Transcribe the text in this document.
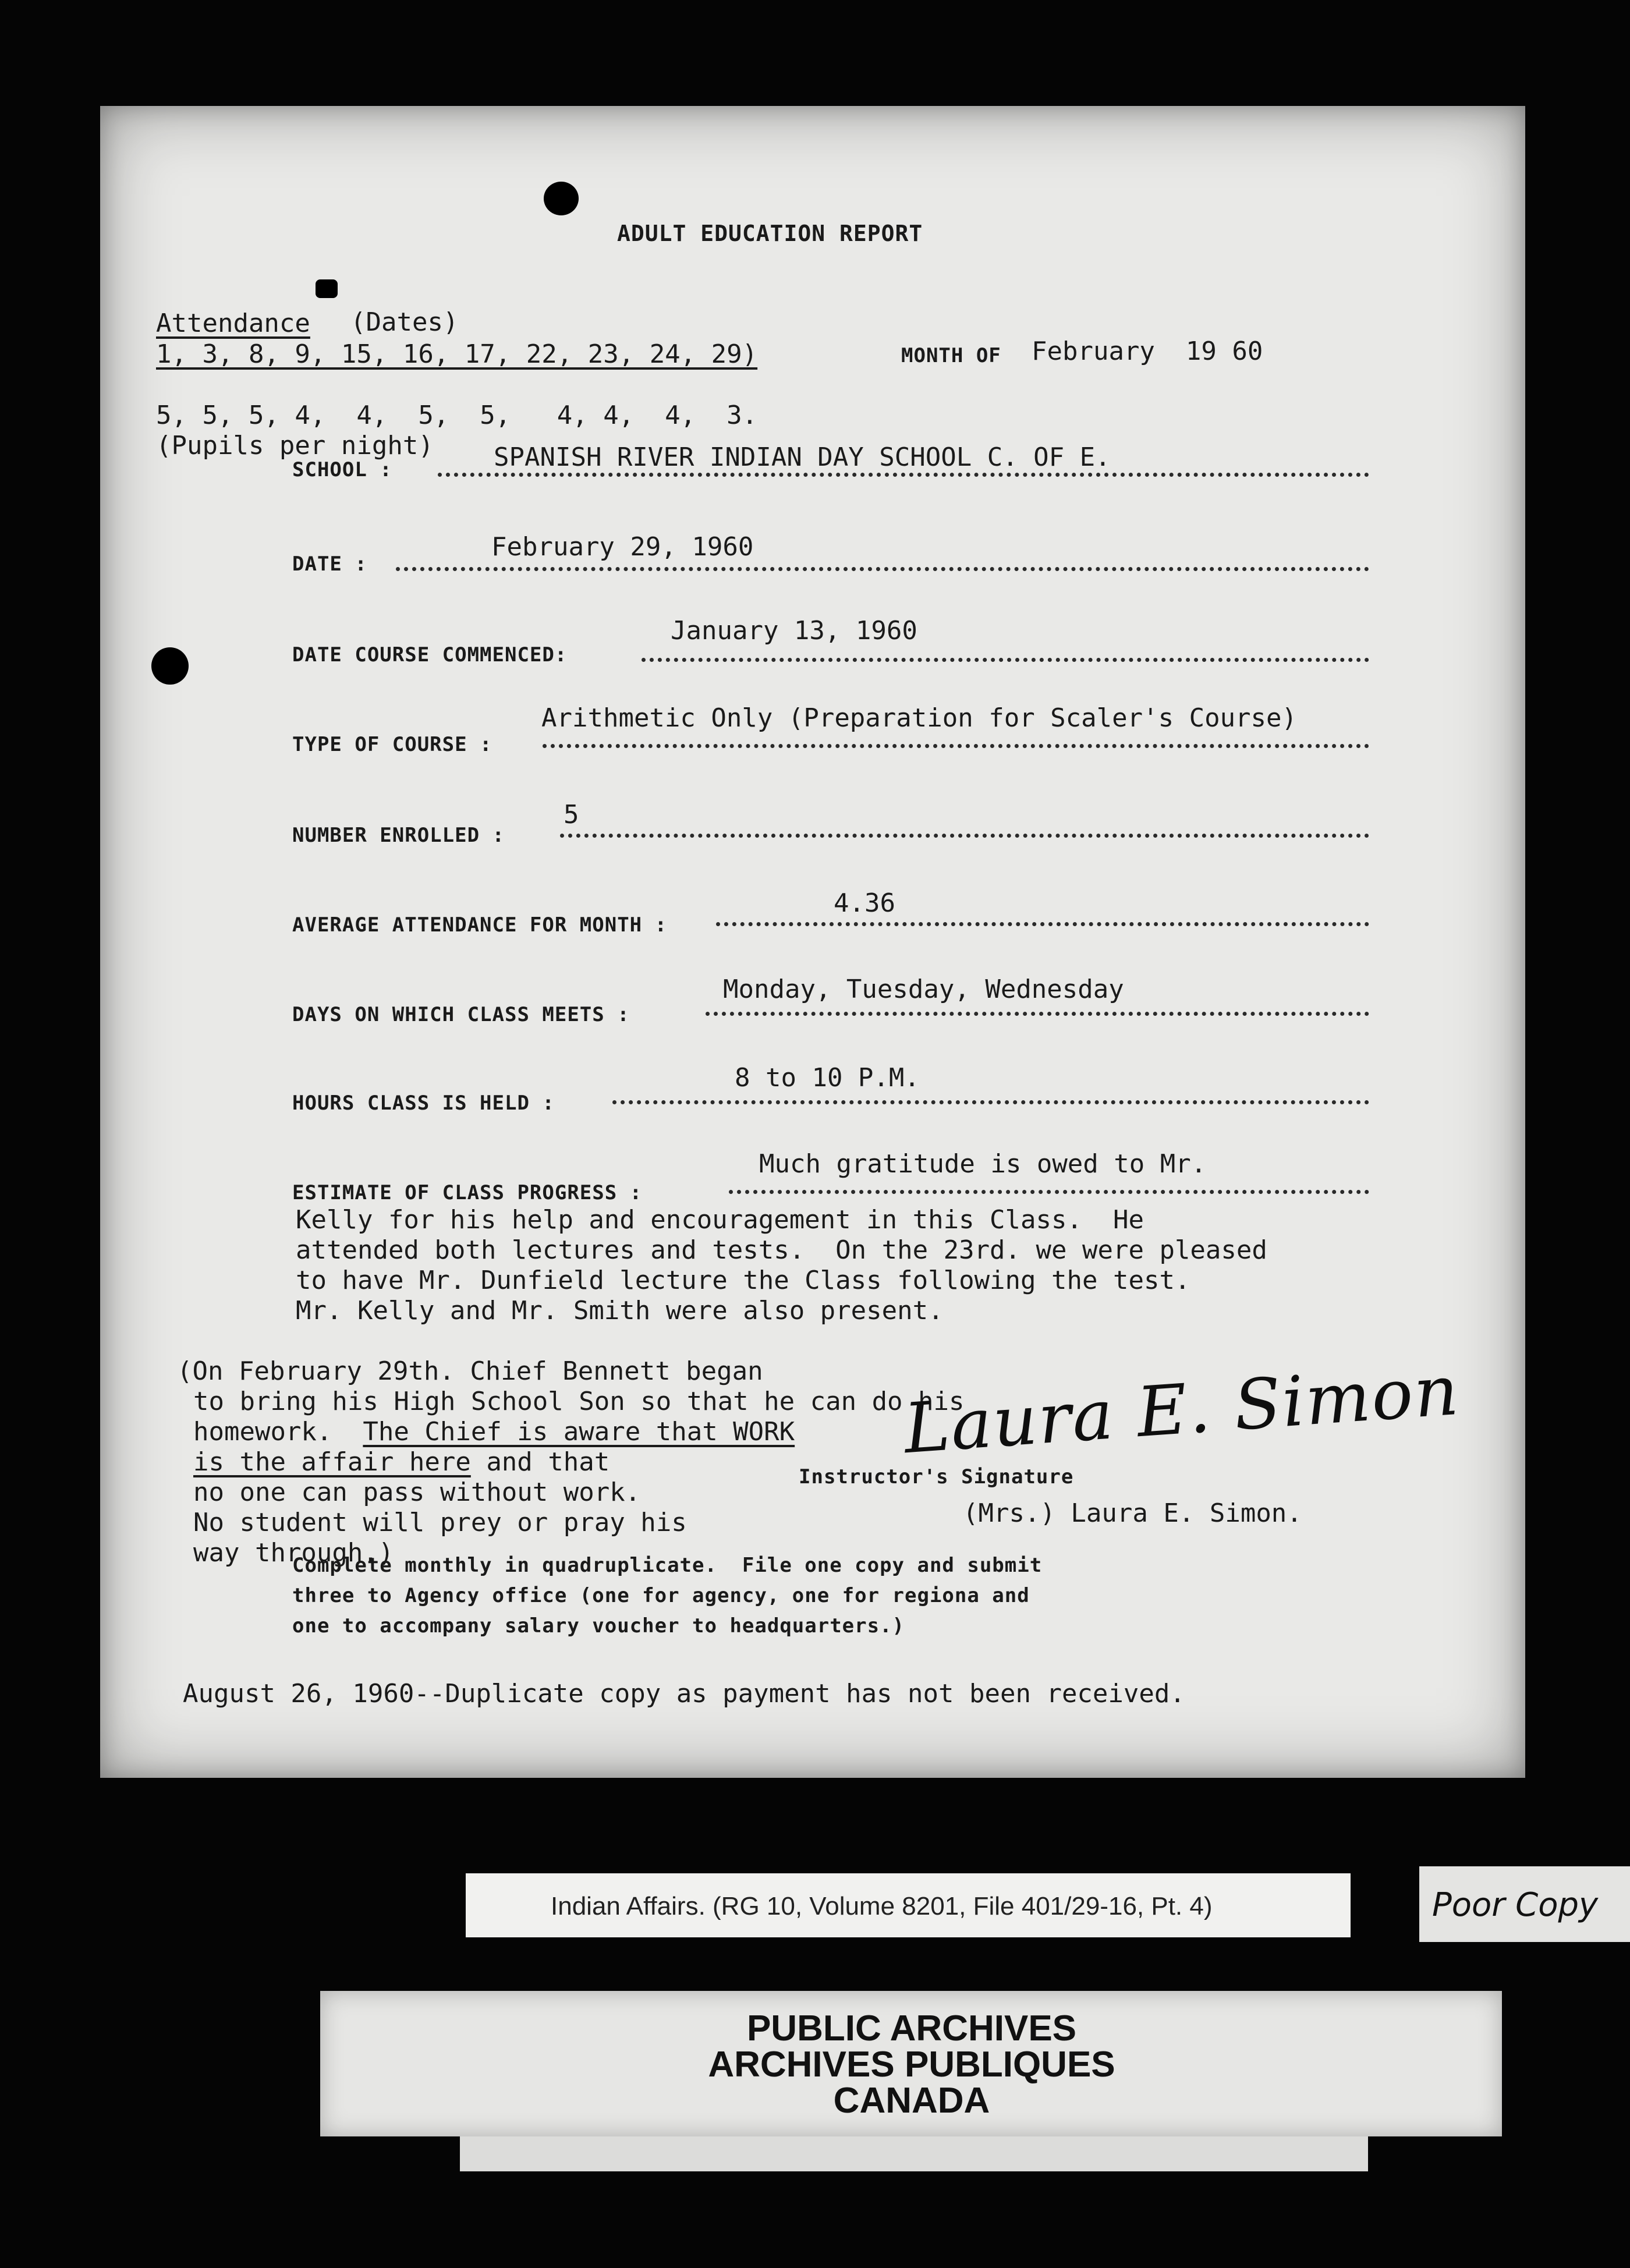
ADULT EDUCATION REPORT
Attendance (Dates)
1, 3, 8, 9, 15, 16, 17, 22, 23, 24, 29)	MONTH OF February  19 60
5, 5, 5, 4,  4,  5,  5,   4, 4,  4,  3.
(Pupils per night)
SCHOOL :	SPANISH RIVER INDIAN DAY SCHOOL C. OF E.
DATE :
February 29, 1960
DATE COURSE COMMENCED:
January 13, 1960
TYPE OF COURSE :
Arithmetic Only (Preparation for Scaler's Course)
NUMBER ENROLLED :
5
AVERAGE ATTENDANCE FOR MONTH :
4.36
DAYS ON WHICH CLASS MEETS :
Monday, Tuesday, Wednesday
HOURS CLASS IS HELD :
8 to 10 P.M.
ESTIMATE OF CLASS PROGRESS :
Much gratitude is owed to Mr.
Kelly for his help and encouragement in this Class.  He
attended both lectures and tests.  On the 23rd. we were pleased
to have Mr. Dunfield lecture the Class following the test.
Mr. Kelly and Mr. Smith were also present.
(On February 29th. Chief Bennett began
to bring his High School Son so that he can do his
homework.  The Chief is aware that WORK
is the affair here and that
no one can pass without work.
No student will prey or pray his
way through.)
Laura E. Simon
Instructor's Signature
(Mrs.) Laura E. Simon.
Complete monthly in quadruplicate.  File one copy and submit
three to Agency office (one for agency, one for regiona and
one to accompany salary voucher to headquarters.)
August 26, 1960--Duplicate copy as payment has not been received.
Indian Affairs. (RG 10, Volume 8201, File 401/29-16, Pt. 4)	Poor Copy
PUBLIC ARCHIVES
ARCHIVES PUBLIQUES
CANADA
